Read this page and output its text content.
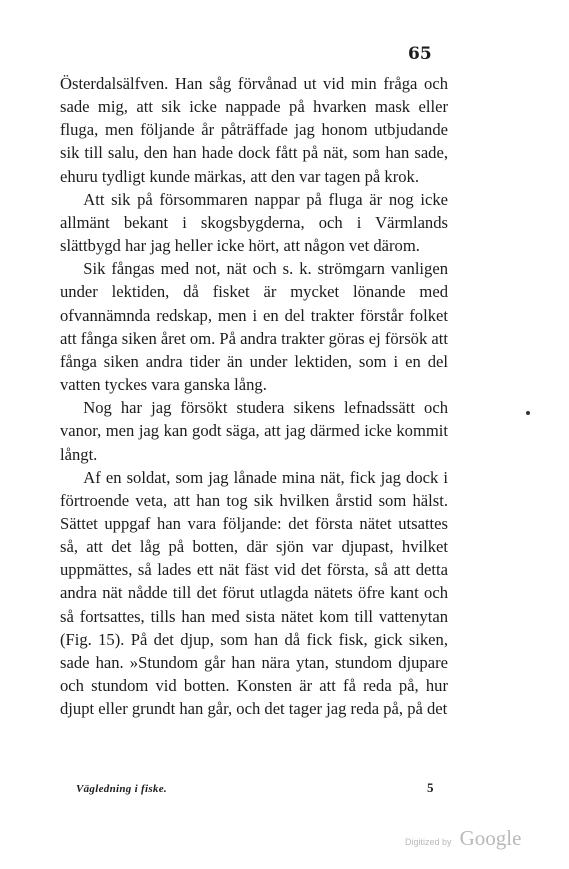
65

Österdalsälfven. Han såg förvånad ut vid min fråga och sade mig, att sik icke nappade på hvarken mask eller fluga, men följande år påträffade jag honom utbjudande sik till salu, den han hade dock fått på nät, som han sade, ehuru tydligt kunde märkas, att den var tagen på krok.

Att sik på försommaren nappar på fluga är nog icke allmänt bekant i skogsbygderna, och i Värmlands slättbygd har jag heller icke hört, att någon vet därom.

Sik fångas med not, nät och s. k. strömgarn vanligen under lektiden, då fisket är mycket lönande med ofvannämnda redskap, men i en del trakter förstår folket att fånga siken året om. På andra trakter göras ej försök att fånga siken andra tider än under lektiden, som i en del vatten tyckes vara ganska lång.

Nog har jag försökt studera sikens lefnadssätt och vanor, men jag kan godt säga, att jag därmed icke kommit långt.

Af en soldat, som jag lånade mina nät, fick jag dock i förtroende veta, att han tog sik hvilken årstid som hälst. Sättet uppgaf han vara följande: det första nätet utsattes så, att det låg på botten, där sjön var djupast, hvilket uppmättes, så lades ett nät fäst vid det första, så att detta andra nät nådde till det förut utlagda nätets öfre kant och så fortsattes, tills han med sista nätet kom till vattenytan (Fig. 15). På det djup, som han då fick fisk, gick siken, sade han. »Stundom går han nära ytan, stundom djupare och stundom vid botten. Konsten är att få reda på, hur djupt eller grundt han går, och det tager jag reda på, på det

Vägledning i fiske.	5
Digitized by Google
